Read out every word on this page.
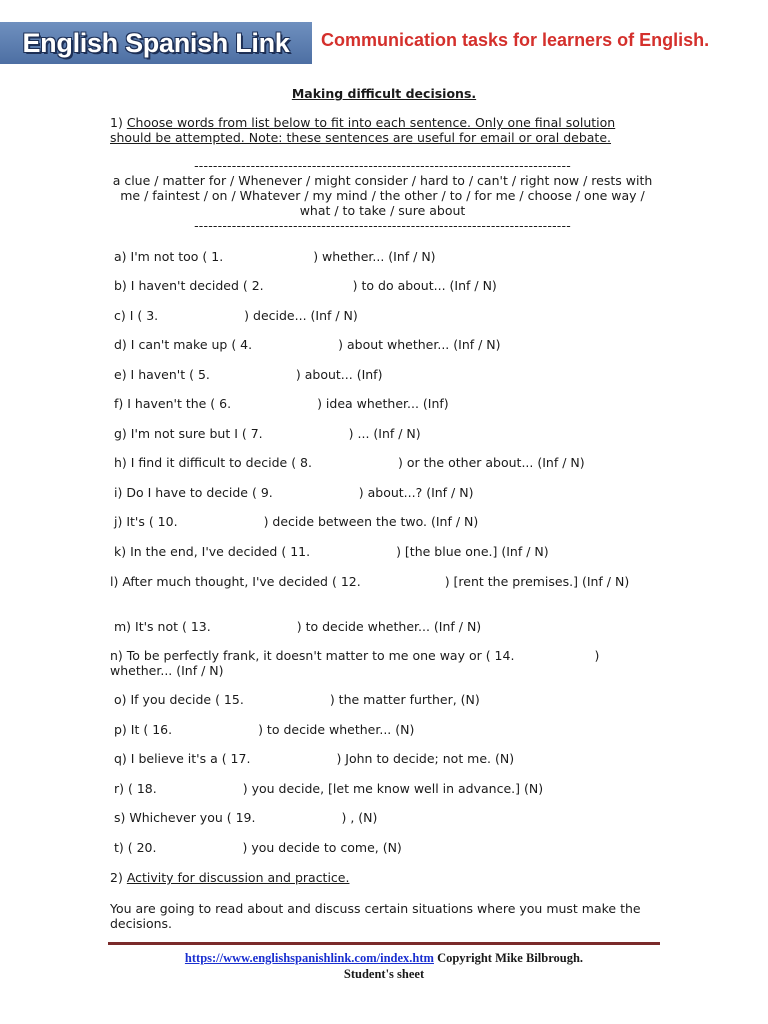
English Spanish Link Communication tasks for learners of English.
Making difficult decisions.
1) Choose words from list below to fit into each sentence. Only one final solution should be attempted. Note: these sentences are useful for email or oral debate.
--------------------------------------------------------------------------------
a clue / matter for / Whenever / might consider / hard to / can't / right now / rests with me / faintest / on / Whatever / my mind / the other / to / for me / choose / one way / what / to take / sure about
--------------------------------------------------------------------------------
a) I'm not too ( 1.	) whether... (Inf / N)
b) I haven't decided ( 2.	) to do about... (Inf / N)
c) I ( 3.	) decide... (Inf / N)
d) I can't make up ( 4.	) about whether... (Inf / N)
e) I haven't ( 5.	) about... (Inf)
f) I haven't the ( 6.	) idea whether... (Inf)
g) I'm not sure but I ( 7.	) ... (Inf / N)
h) I find it difficult to decide ( 8.	) or the other about... (Inf / N)
i) Do I have to decide ( 9.	) about...? (Inf / N)
j) It's ( 10.	) decide between the two. (Inf / N)
k) In the end, I've decided ( 11.	) [the blue one.] (Inf / N)
l) After much thought, I've decided ( 12.	) [rent the premises.] (Inf / N)
m) It's not ( 13.	) to decide whether... (Inf / N)
n) To be perfectly frank, it doesn't matter to me one way or ( 14.	) whether... (Inf / N)
o) If you decide ( 15.	) the matter further, (N)
p) It ( 16.	) to decide whether... (N)
q) I believe it's a ( 17.	) John to decide; not me. (N)
r) ( 18.	) you decide, [let me know well in advance.] (N)
s) Whichever you ( 19.	) , (N)
t) ( 20.	) you decide to come, (N)
2) Activity for discussion and practice.
You are going to read about and discuss certain situations where you must make the decisions.
https://www.englishspanishlink.com/index.htm Copyright Mike Bilbrough.
Student's sheet
